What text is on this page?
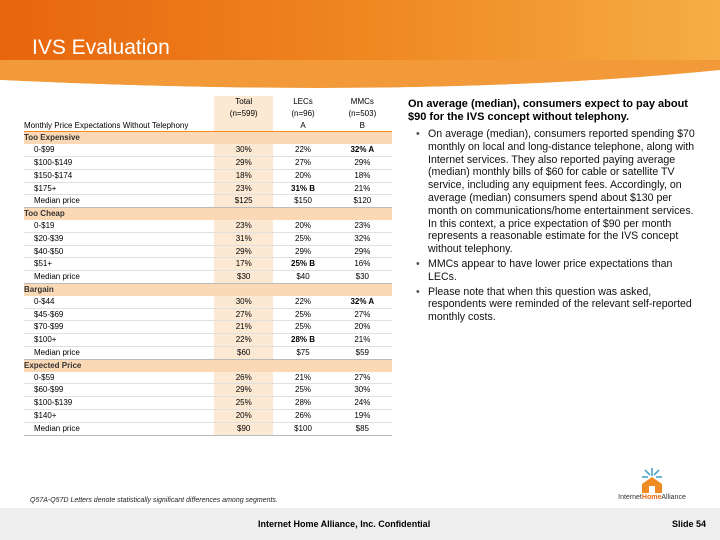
IVS Evaluation
	Total	LECs	MMCs
	(n=599)	(n=96)	(n=503)
Monthly Price Expectations Without Telephony		A	B
Too Expensive			
0-$99	30%	22%	32% A
$100-$149	29%	27%	29%
$150-$174	18%	20%	18%
$175+	23%	31% B	21%
Median price	$125	$150	$120
Too Cheap			
0-$19	23%	20%	23%
$20-$39	31%	25%	32%
$40-$50	29%	29%	29%
$51+	17%	25% B	16%
Median price	$30	$40	$30
Bargain			
0-$44	30%	22%	32% A
$45-$69	27%	25%	27%
$70-$99	21%	25%	20%
$100+	22%	28% B	21%
Median price	$60	$75	$59
Expected Price			
0-$59	26%	21%	27%
$60-$99	29%	25%	30%
$100-$139	25%	28%	24%
$140+	20%	26%	19%
Median price	$90	$100	$85

On average (median), consumers expect to pay about $90 for the IVS concept without telephony.

• On average (median), consumers reported spending $70 monthly on local and long-distance telephone, along with Internet services. They also reported paying average (median) monthly bills of $60 for cable or satellite TV service, including any equipment fees. Accordingly, on average (median) consumers spend about $130 per month on communications/home entertainment services. In this context, a price expectation of $90 per month represents a reasonable estimate for the IVS concept without telephony.
• MMCs appear to have lower price expectations than LECs.
• Please note that when this question was asked, respondents were reminded of the relevant self-reported monthly costs.
Q57A-Q57D Letters denote statistically significant differences among segments.	InternetHomeAlliance
Internet Home Alliance, Inc. Confidential	Slide 54
